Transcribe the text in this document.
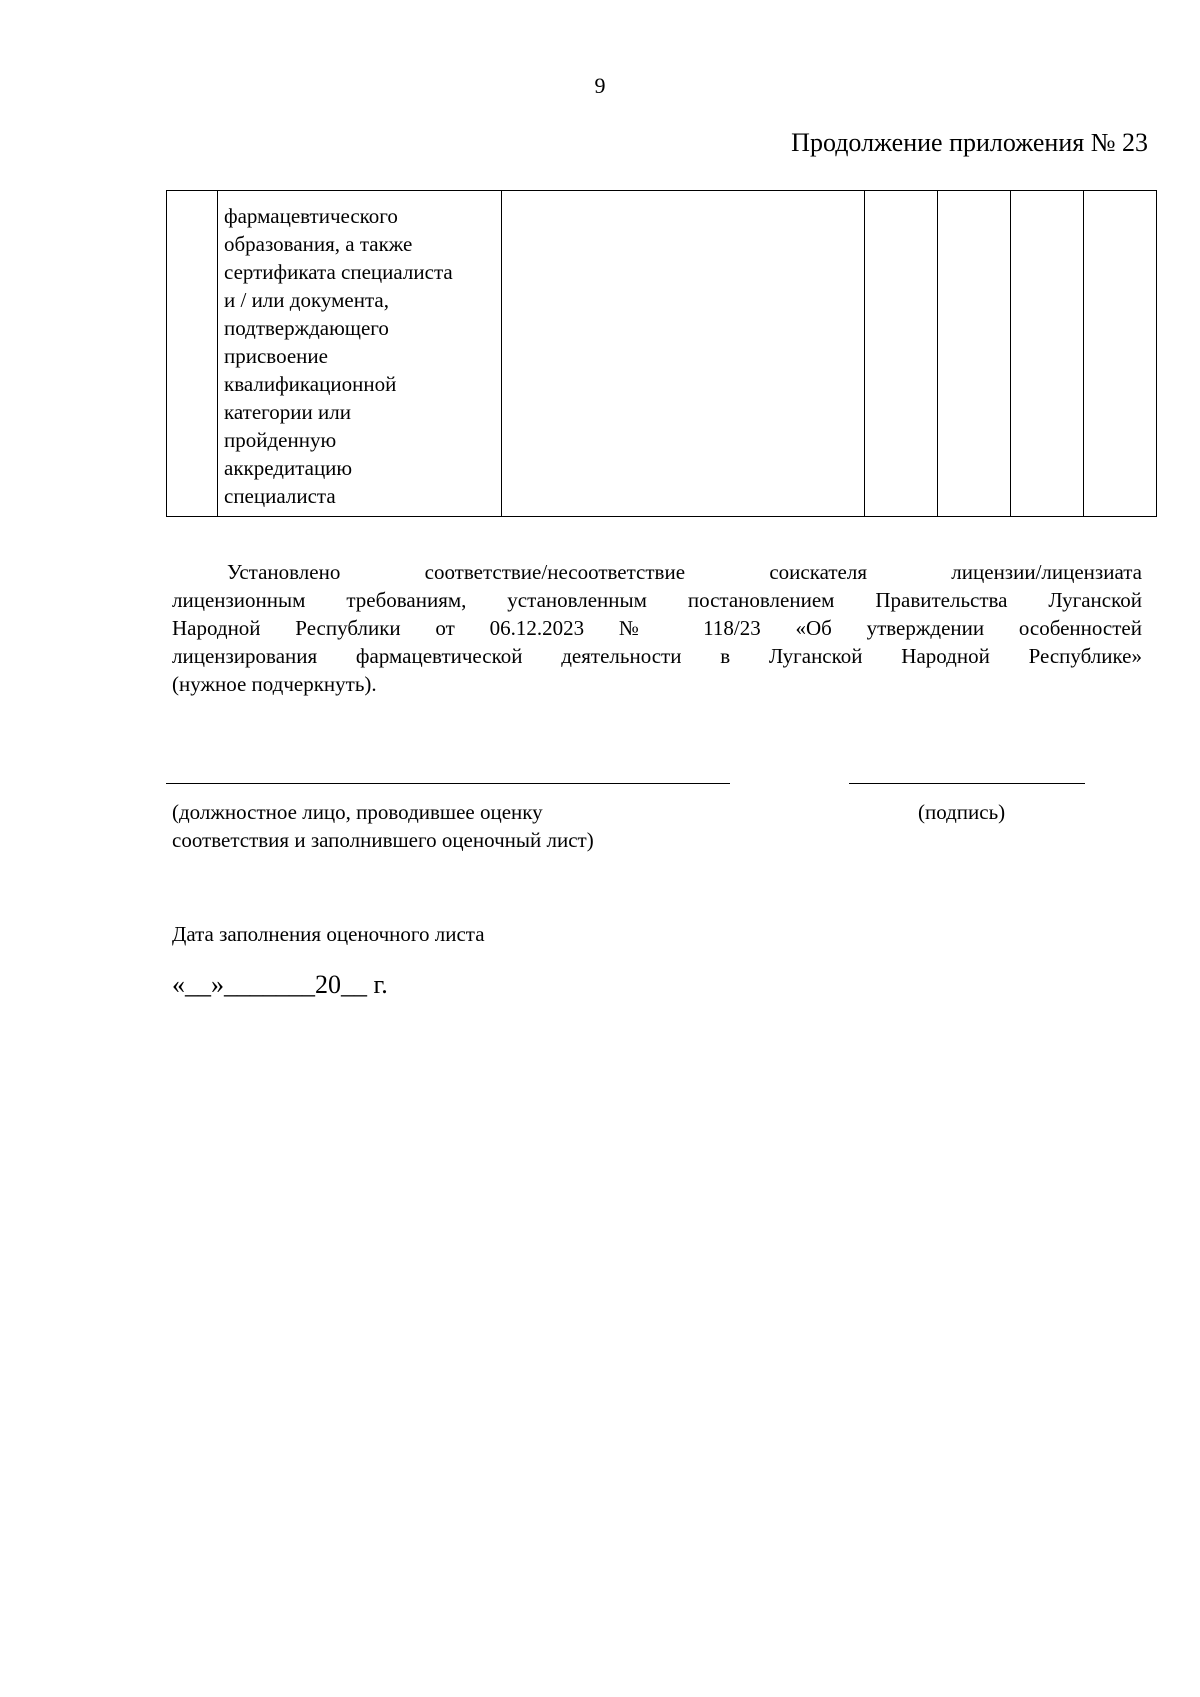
9
Продолжение приложения № 23

фармацевтического
образования, а также
сертификата специалиста
и / или документа,
подтверждающего
присвоение
квалификационной
категории или
пройденную
аккредитацию
специалиста

Установлено соответствие/несоответствие соискателя лицензии/лицензиата
лицензионным требованиям, установленным постановлением Правительства Луганской
Народной Республики от 06.12.2023 № 118/23 «Об утверждении особенностей
лицензирования фармацевтической деятельности в Луганской Народной Республике»
(нужное подчеркнуть).
(должностное лицо, проводившее оценку
соответствия и заполнившего оценочный лист)
(подпись)
Дата заполнения оценочного листа
«__»_______20__ г.
